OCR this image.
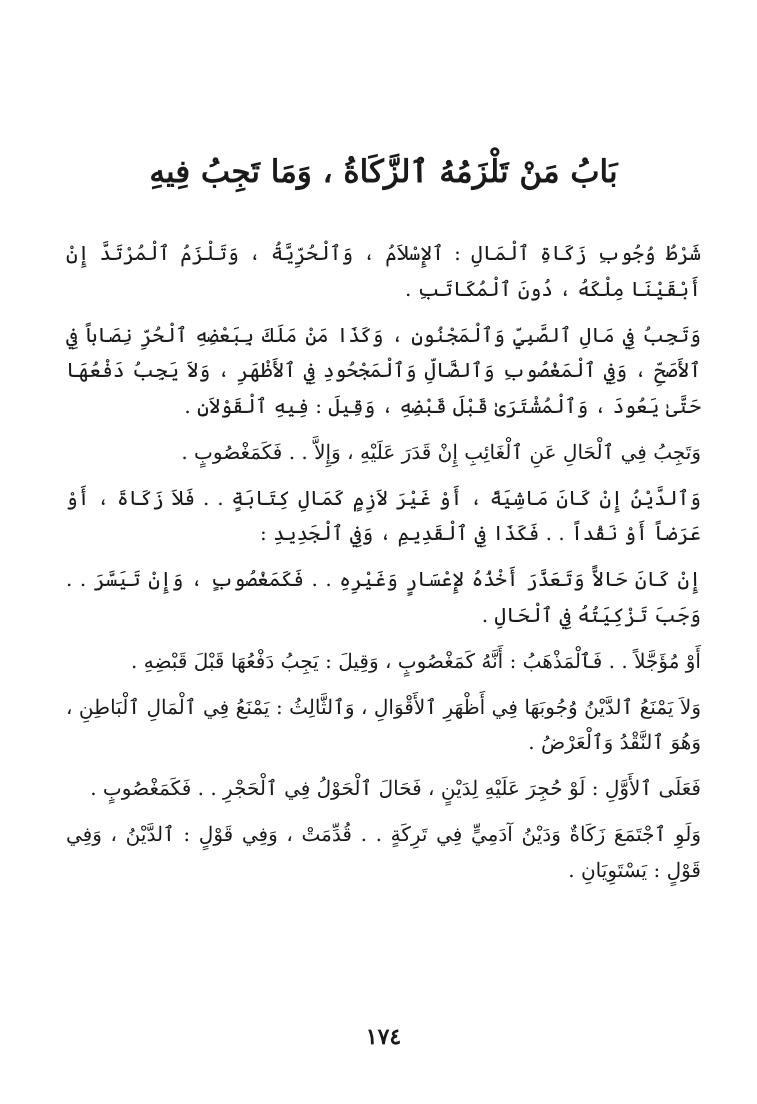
بَابُ مَنْ تَلْزَمُهُ ٱلزَّكَاةُ ، وَمَا تَجِبُ فِيهِ

شَرْطُ وُجُوبِ زَكَاةِ ٱلْمَالِ : ٱلإِسْلاَمُ ، وَٱلْحُرِّيَّةُ ، وَتَلْزَمُ ٱلْمُرْتَدَّ إِنْ أَبْقَيْنَا مِلْكَهُ ، دُونَ ٱلْمُكَاتَبِ .

وَتَجِبُ فِي مَالِ ٱلصَّبِيِّ وَٱلْمَجْنُونِ ، وَكَذَا مَنْ مَلَكَ بِبَعْضِهِ ٱلْحُرِّ نِصَاباً فِي ٱلأَصَحِّ ، وَفِي ٱلْمَغْصُوبِ وَٱلضَّالِّ وَٱلْمَجْحُودِ فِي ٱلأَظْهَرِ ، وَلاَ يَجِبُ دَفْعُهَا حَتَّىٰ يَعُودَ ، وَٱلْمُشْتَرَىٰ قَبْلَ قَبْضِهِ ، وَقِيلَ : فِيهِ ٱلْقَوْلاَنِ .

وَتَجِبُ فِي ٱلْحَالِ عَنِ ٱلْغَائِبِ إِنْ قَدَرَ عَلَيْهِ ، وَإِلاَّ . . فَكَمَغْصُوبٍ .

وَٱلدَّيْنُ إِنْ كَانَ مَاشِيَةً ، أَوْ غَيْرَ لاَزِمٍ كَمَالِ كِتَابَةٍ . . فَلاَ زَكَاةَ ، أَوْ عَرَضاً أَوْ نَقْداً . . فَكَذَا فِي ٱلْقَدِيمِ ، وَفِي ٱلْجَدِيدِ :

إِنْ كَانَ حَالاًّ وَتَعَذَّرَ أَخْذُهُ لإِعْسَارٍ وَغَيْرِهِ . . فَكَمَغْصُوبٍ ، وَإِنْ تَيَسَّرَ . . وَجَبَ تَزْكِيَتُهُ فِي ٱلْحَالِ .

أَوْ مُؤَجَّلاً . . فَٱلْمَذْهَبُ : أَنَّهُ كَمَغْصُوبٍ ، وَقِيلَ : يَجِبُ دَفْعُهَا قَبْلَ قَبْضِهِ .

وَلاَ يَمْنَعُ ٱلدَّيْنُ وُجُوبَهَا فِي أَظْهَرِ ٱلأَقْوَالِ ، وَٱلثَّالِثُ : يَمْنَعُ فِي ٱلْمَالِ ٱلْبَاطِنِ ، وَهُوَ ٱلنَّقْدُ وَٱلْعَرْضُ .

فَعَلَى ٱلأَوَّلِ : لَوْ حُجِرَ عَلَيْهِ لِدَيْنٍ ، فَحَالَ ٱلْحَوْلُ فِي ٱلْحَجْرِ . . فَكَمَغْصُوبٍ .

وَلَوِ ٱجْتَمَعَ زَكَاةٌ وَدَيْنُ آدَمِيٍّ فِي تَرِكَةٍ . . قُدِّمَتْ ، وَفِي قَوْلٍ : ٱلدَّيْنُ ، وَفِي قَوْلٍ : يَسْتَوِيَانِ .

١٧٤
